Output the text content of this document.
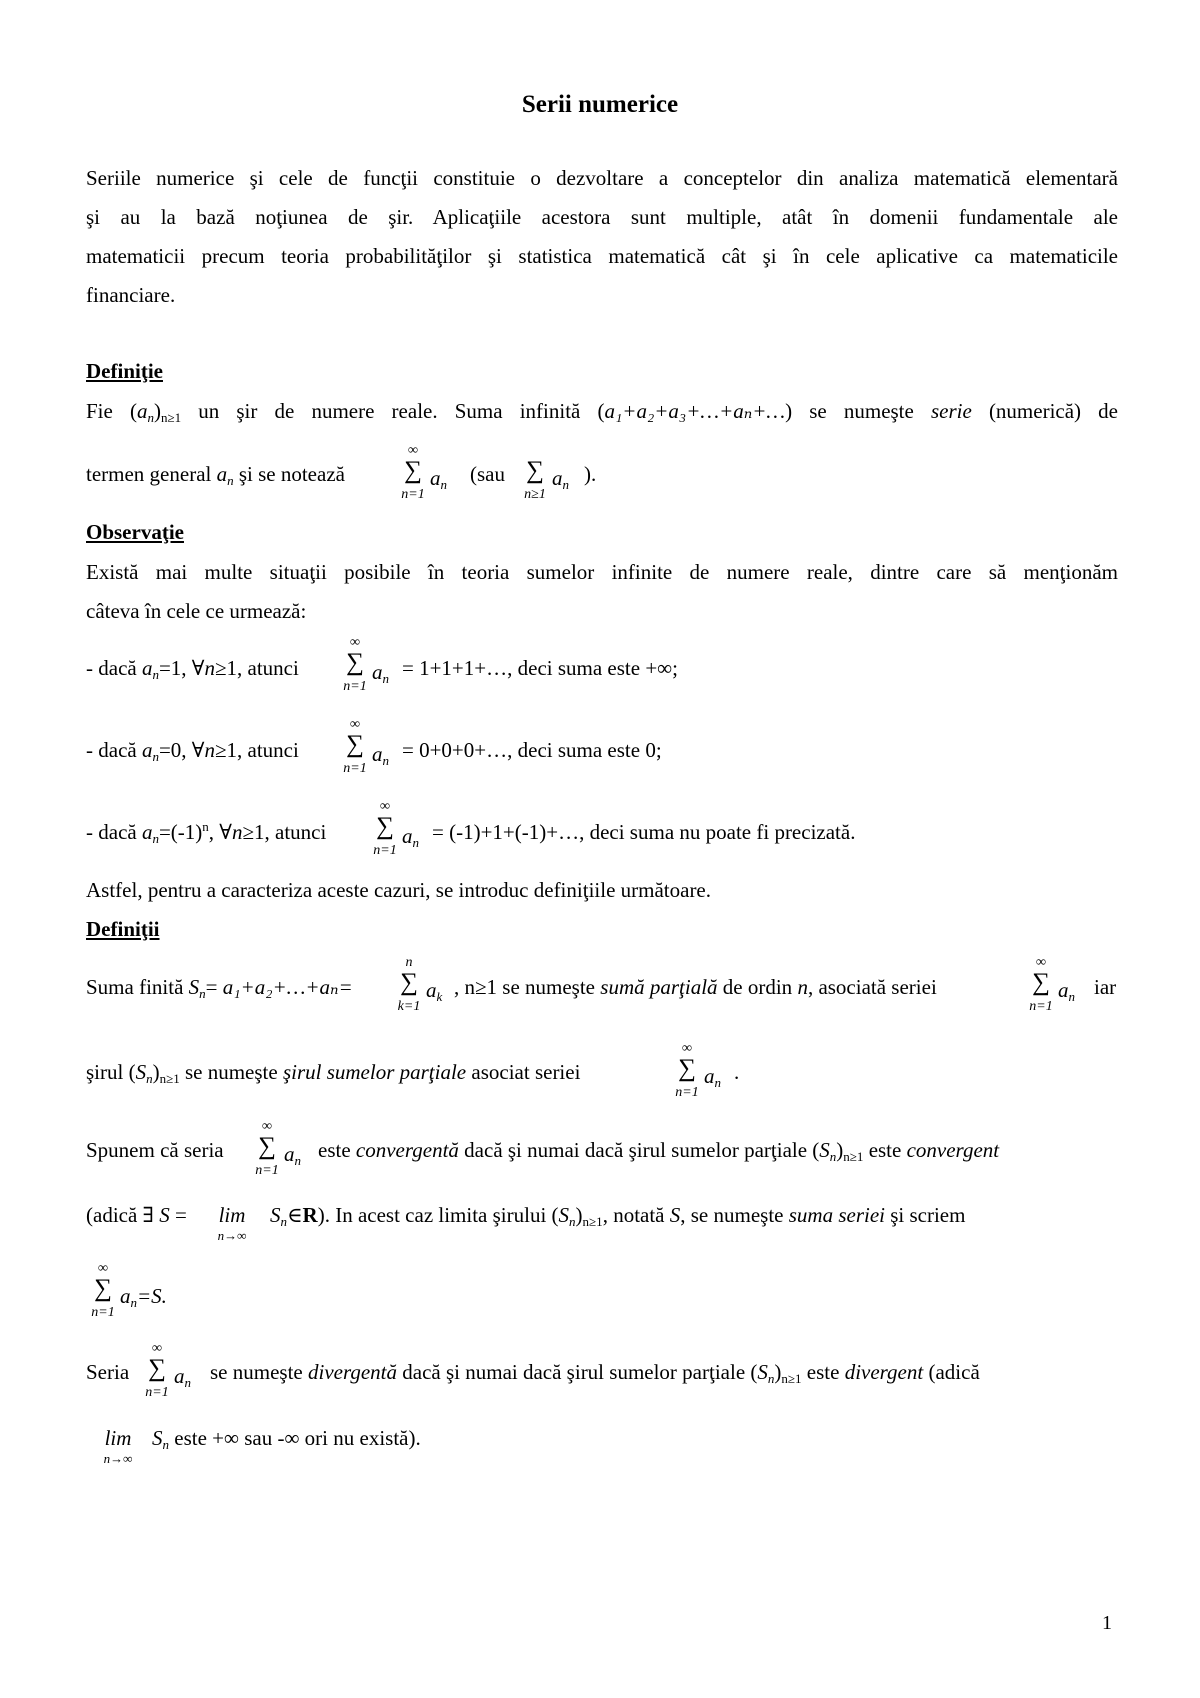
Serii numerice
Seriile numerice şi cele de funcţii constituie o dezvoltare a conceptelor din analiza matematică elementară
şi au la bază noţiunea de şir. Aplicaţiile acestora sunt multiple, atât în domenii fundamentale ale
matematicii precum teoria probabilităţilor şi statistica matematică cât şi în cele aplicative ca matematicile
financiare.
Definiţie
Fie $(a_n)_{n\ge 1}$ un şir de numere reale. Suma infinită (a₁+a₂+a₃+…+aₙ+…) se numeşte serie (numerică) de
termen general $a_n$ şi se notează
∞
∑
n=1
$a_n$ (sau ∑
n≥1
$a_n$ ).
Observaţie
Există mai multe situaţii posibile în teoria sumelor infinite de numere reale, dintre care să menţionăm
câteva în cele ce urmează:
- dacă $a_n=1$, ∀n≥1, atunci
∞
∑
n=1
$a_n$ = 1+1+1+…, deci suma este +∞;
- dacă $a_n=0$, ∀n≥1, atunci
∞
∑
n=1
$a_n$ = 0+0+0+…, deci suma este 0;
- dacă $a_n=(-1)^n$, ∀n≥1, atunci
∞
∑
n=1
$a_n$ = (-1)+1+(-1)+…, deci suma nu poate fi precizată.
Astfel, pentru a caracteriza aceste cazuri, se introduc definiţiile următoare.
Definiţii
Suma finită $S_n=$ a₁+a₂+…+aₙ=
n
∑
k=1
$a_k$ , n≥1 se numeşte sumă parţială de ordin n, asociată seriei
∞
∑
n=1
$a_n$ iar
şirul $(S_n)_{n\ge 1}$ se numeşte şirul sumelor parţiale asociat seriei
∞
∑
n=1
$a_n$ .
Spunem că seria
∞
∑
n=1
$a_n$ este convergentă dacă şi numai dacă şirul sumelor parţiale $(S_n)_{n\ge 1}$ este convergent
(adică ∃ S =	lim
n→∞
$S_n\in R$). In acest caz limita şirului $(S_n)_{n\ge 1}$, notată S, se numeşte suma seriei şi scriem
∞
∑
n=1
$a_n=S$.
Seria
∞
∑
n=1
$a_n$ se numeşte divergentă dacă şi numai dacă şirul sumelor parţiale $(S_n)_{n\ge 1}$ este divergent (adică
lim
n→∞
$S_n$ este +∞ sau -∞ ori nu există).
1
